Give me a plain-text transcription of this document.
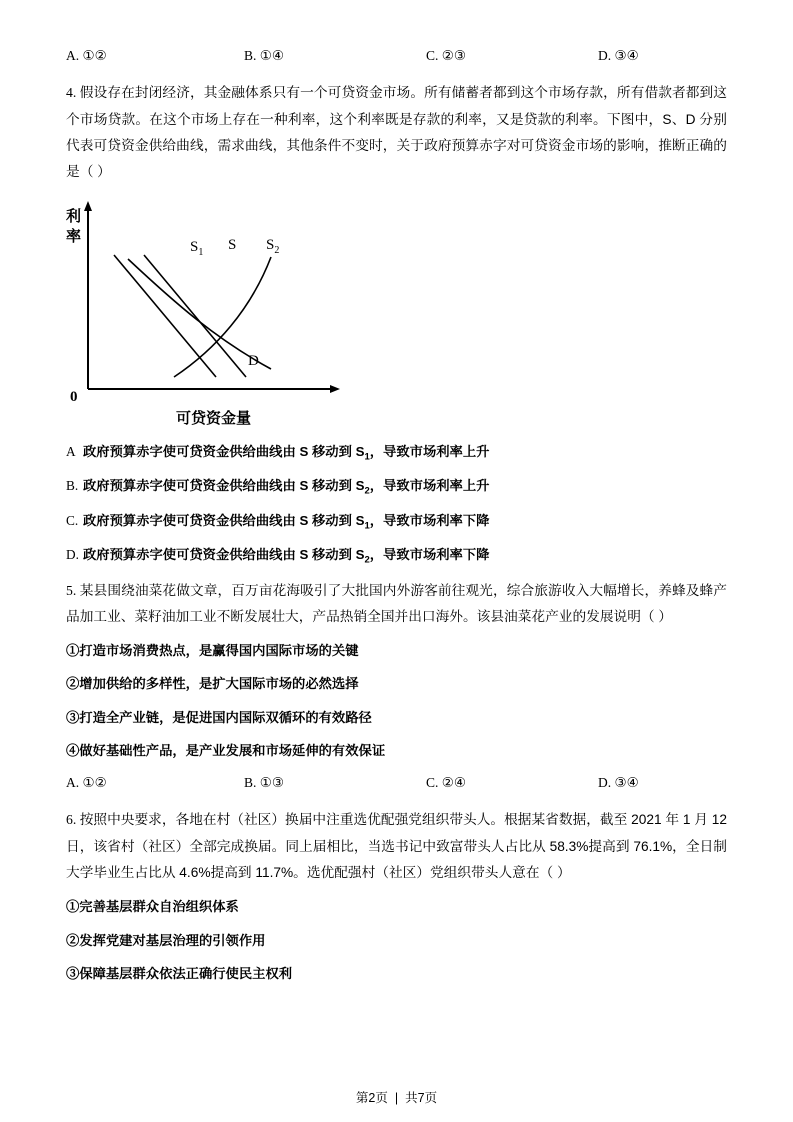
A. ①②	B. ①④	C. ②③	D. ③④

4. 假设存在封闭经济，其金融体系只有一个可贷资金市场。所有储蓄者都到这个市场存款，所有借款者都到这个市场贷款。在这个市场上存在一种利率，这个利率既是存款的利率，又是贷款的利率。下图中，S、D 分别代表可贷资金供给曲线，需求曲线，其他条件不变时，关于政府预算赤字对可贷资金市场的影响，推断正确的是（ ）

利
率
0
可贷资金量
$S_1$ S $S_2$
D

A 政府预算赤字使可贷资金供给曲线由 S 移动到 $S_1$，导致市场利率上升

B. 政府预算赤字使可贷资金供给曲线由 S 移动到 $S_2$，导致市场利率上升

C. 政府预算赤字使可贷资金供给曲线由 S 移动到 $S_1$，导致市场利率下降

D. 政府预算赤字使可贷资金供给曲线由 S 移动到 $S_2$，导致市场利率下降

5. 某县围绕油菜花做文章，百万亩花海吸引了大批国内外游客前往观光，综合旅游收入大幅增长，养蜂及蜂产品加工业、菜籽油加工业不断发展壮大，产品热销全国并出口海外。该县油菜花产业的发展说明（ ）

①打造市场消费热点，是赢得国内国际市场的关键

②增加供给的多样性，是扩大国际市场的必然选择

③打造全产业链，是促进国内国际双循环的有效路径

④做好基础性产品，是产业发展和市场延伸的有效保证

A. ①②	B. ①③	C. ②④	D. ③④

6. 按照中央要求，各地在村（社区）换届中注重选优配强党组织带头人。根据某省数据，截至 2021 年 1 月 12 日，该省村（社区）全部完成换届。同上届相比，当选书记中致富带头人占比从 58.3%提高到 76.1%，全日制大学毕业生占比从 4.6%提高到 11.7%。选优配强村（社区）党组织带头人意在（ ）

①完善基层群众自治组织体系

②发挥党建对基层治理的引领作用

③保障基层群众依法正确行使民主权利

第2页 | 共7页
